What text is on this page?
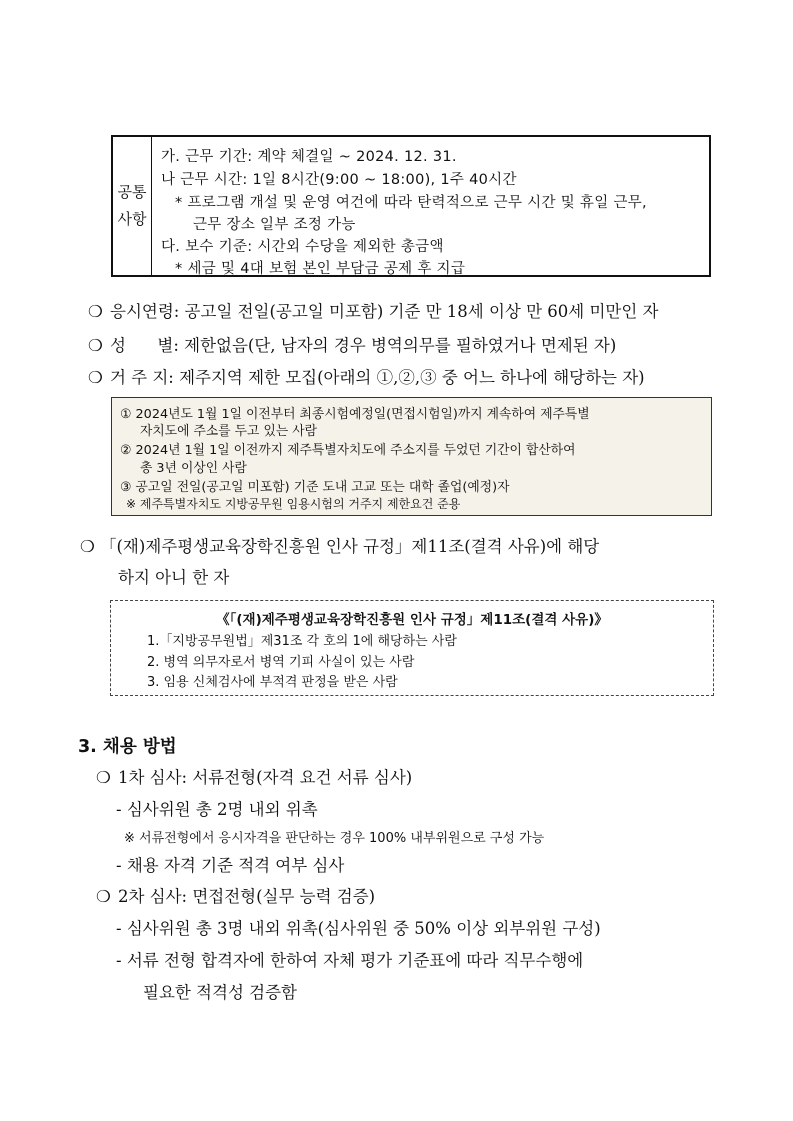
공통 사항
가. 근무 기간: 계약 체결일 ~ 2024. 12. 31.
나 근무 시간: 1일 8시간(9:00 ~ 18:00), 1주 40시간
* 프로그램 개설 및 운영 여건에 따라 탄력적으로 근무 시간 및 휴일 근무,
근무 장소 일부 조정 가능
다. 보수 기준: 시간외 수당을 제외한 총금액
* 세금 및 4대 보험 본인 부담금 공제 후 지급
❍ 응시연령: 공고일 전일(공고일 미포함) 기준 만 18세 이상 만 60세 미만인 자
❍ 성      별: 제한없음(단, 남자의 경우 병역의무를 필하였거나 면제된 자)
❍ 거 주 지: 제주지역 제한 모집(아래의 ①,②,③ 중 어느 하나에 해당하는 자)
① 2024년도 1월 1일 이전부터 최종시험예정일(면접시험일)까지 계속하여 제주특별
자치도에 주소를 두고 있는 사람
② 2024년 1월 1일 이전까지 제주특별자치도에 주소지를 두었던 기간이 합산하여
총 3년 이상인 사람
③ 공고일 전일(공고일 미포함) 기준 도내 고교 또는 대학 졸업(예정)자
※ 제주특별자치도 지방공무원 임용시험의 거주지 제한요건 준용
❍ 「(재)제주평생교육장학진흥원 인사 규정」제11조(결격 사유)에 해당
하지 아니 한 자
《「(재)제주평생교육장학진흥원 인사 규정」제11조(결격 사유)》
1.「지방공무원법」제31조 각 호의 1에 해당하는 사람
2. 병역 의무자로서 병역 기피 사실이 있는 사람
3. 임용 신체검사에 부적격 판정을 받은 사람
3. 채용 방법
❍ 1차 심사: 서류전형(자격 요건 서류 심사)
- 심사위원 총 2명 내외 위촉
※ 서류전형에서 응시자격을 판단하는 경우 100% 내부위원으로 구성 가능
- 채용 자격 기준 적격 여부 심사
❍ 2차 심사: 면접전형(실무 능력 검증)
- 심사위원 총 3명 내외 위촉(심사위원 중 50% 이상 외부위원 구성)
- 서류 전형 합격자에 한하여 자체 평가 기준표에 따라 직무수행에
필요한 적격성 검증함
